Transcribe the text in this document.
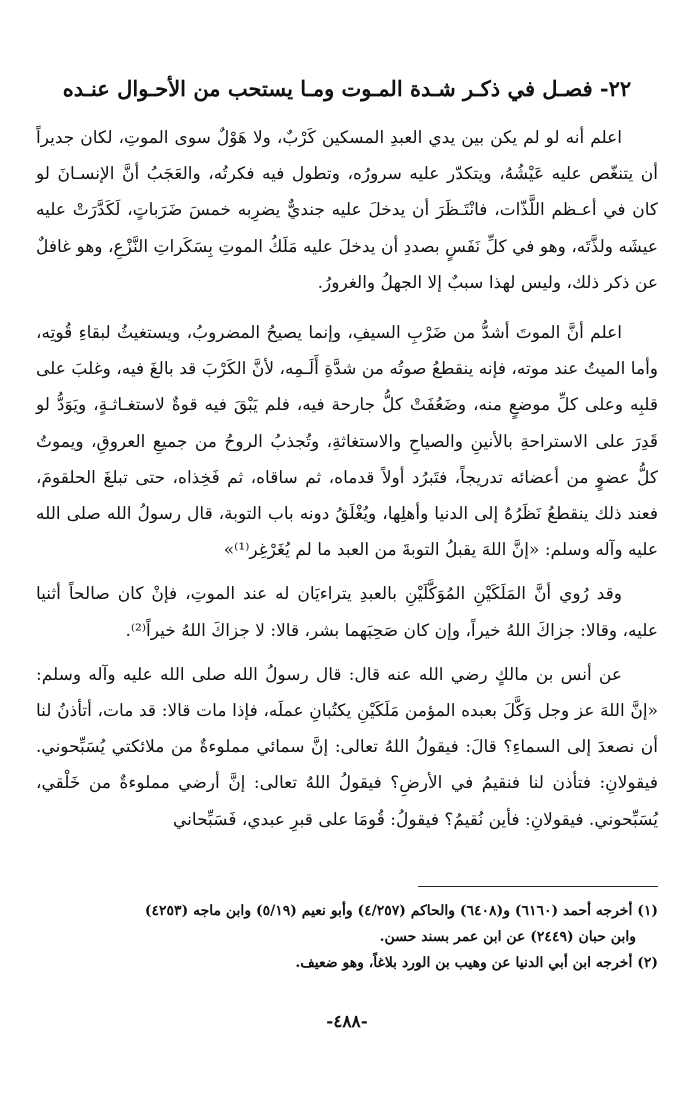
٢٢- فصـل في ذكـر شـدة المـوت ومـا يستحب من الأحـوال عنـده

اعلم أنه لو لم يكن بين يدي العبدِ المسكين كَرْبٌ، ولا هَوْلٌ سوى الموتِ، لكان جديراً أن يتنغّص عليه عَيْشُهُ، ويتكدّر عليه سرورُه، وتطول فيه فكرتُه، والعَجَبُ أنَّ الإنسـانَ لو كان في أعـظم اللَّذّات، فانْتَـظَرَ أن يدخلَ عليه جنديٌّ يضرِبه خمسَ ضَرَباتٍ، لَكَدَّرَتْ عليه عيشَه ولذَّتَه، وهو في كلِّ نَفَسٍ بصددِ أن يدخلَ عليه مَلَكُ الموتِ بِسَكَراتِ النَّزْعِ، وهو غافلٌ عن ذكر ذلك، وليس لهذا سببٌ إلا الجهلُ والغرورُ.

اعلم أنَّ الموتَ أشدُّ من ضَرْبِ السيفِ، وإنما يصيحُ المضروبُ، ويستغيثُ لبقاءِ قُوتِه، وأما الميتُ عند موته، فإنه ينقطعُ صوتُه من شدَّةِ أَلَـمِه، لأنَّ الكَرْبَ قد بالغَ فيه، وغلبَ على قلبِه وعلى كلِّ موضعٍ منه، وضَعُفَتْ كلُّ جارحة فيه، فلم يَبْقَ فيه قوةٌ لاستغـاثـةٍ، ويَوَدُّ لو قَدِرَ على الاستراحةِ بالأنينِ والصياحِ والاستغاثةِ، وتُجذبُ الروحُ من جميعِ العروقِ، ويموتُ كلُّ عضوٍ من أعضائه تدريجاً، فتَبرُد أولاً قدماه، ثم ساقاه، ثم فَخِذاه، حتى تبلغَ الحلقومَ، فعند ذلك ينقطعُ نَظَرُهُ إلى الدنيا وأهلِها، ويُغْلَقُ دونه باب التوبة، قال رسولُ الله صلى الله عليه وآله وسلم: «إنَّ اللهَ يقبلُ التوبةَ من العبد ما لم يُغَرْغِر⁽¹⁾»

وقد رُوي أنَّ المَلَكَيْنِ المُوَكَّلَيْنِ بالعبدِ يتراءيَان له عند الموتِ، فإنْ كان صالحاً أثنيا عليه، وقالا: جزاكَ اللهُ خيراً، وإن كان صَحِبَهما بشر، قالا: لا جزاكَ اللهُ خيراً⁽²⁾.

عن أنس بن مالكٍ رضي الله عنه قال: قال رسولُ الله صلى الله عليه وآله وسلم: «إنَّ اللهَ عز وجل وَكَّلَ بعبده المؤمن مَلَكَيْنِ يكتُبانِ عملَه، فإذا مات قالا: قد مات، أتأذنُ لنا أن نصعدَ إلى السماءِ؟ قالَ: فيقولُ اللهُ تعالى: إنَّ سمائي مملوءةٌ من ملائكتي يُسَبِّحوني. فيقولانِ: فتأذن لنا فنقيمُ في الأرضِ؟ فيقولُ اللهُ تعالى: إنَّ أرضي مملوءةٌ من خَلْقي، يُسَبِّحوني. فيقولانِ: فأين نُقيمُ؟ فيقولُ: قُومَا على قبرِ عبدي، فَسَبِّحاني

(١) أخرجه أحمد (٦١٦٠) و(٦٤٠٨) والحاكم (٤/٢٥٧) وأبو نعيم (٥/١٩) وابن ماجه (٤٢٥٣)

وابن حبان (٢٤٤٩) عن ابن عمر بسند حسن.

(٢) أخرجه ابن أبي الدنيا عن وهيب بن الورد بلاغاً، وهو ضعيف.

-٤٨٨-
